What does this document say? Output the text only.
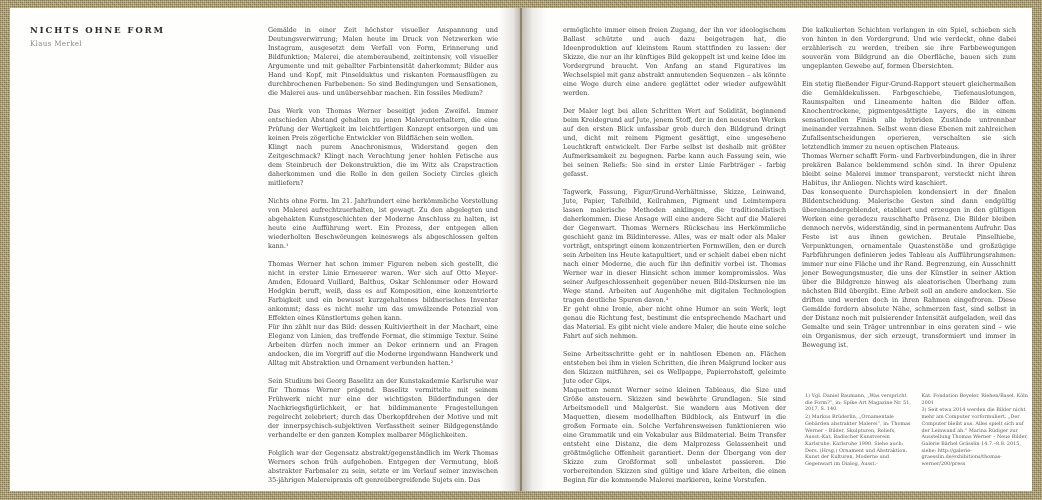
NICHTS OHNE FORM
Klaus Merkel

Gemälde in einer Zeit höchster visueller Anspannung und Deutungsverwirrung; Malen heute im Druck von Netzwerken wie Instagram, ausgesetzt dem Verfall von Form, Erinnerung und Bildfunktion; Malerei, die atemberaubend, zeitintensiv, voll visueller Argumente und mit geballter Farbintensität daherkommt; Bilder aus Hand und Kopf, mit Pinselduktus und riskanten Formausflügen zu durchbrochenen Farbebenen: So sind Bedingungen und Sensationen, die Malerei aus- und unübersehbar machen. Ein fossiles Medium?

Das Werk von Thomas Werner beseitigt jeden Zweifel. Immer entschieden Abstand gehalten zu jenen Malerunterhaltern, die eine Prüfung der Wertigkeit im leichtfertigen Konzept entsorgen und um keinen Preis zögerliche Entwickler von Bildflächen sein wollen.

Klingt nach purem Anachronismus, Widerstand gegen den Zeitgeschmack? Klingt nach Verachtung jener hohlen Fetische aus dem Steinbruch der Dekonstruktion, die im Witz als Crapstraction daherkommen und die Rolle in den geilen Society Circles gleich mitliefern?

Nichts ohne Form. Im 21. Jahrhundert eine herkömmliche Vorstellung von Malerei aufrechtzuerhalten, ist gewagt. Zu den abgelegten und abgehakten Kunstgeschichten der Moderne Anschluss zu halten, ist heute eine Aufführung wert. Ein Prozess, der entgegen allen wiederholten Beschwörungen keineswegs als abgeschlossen gelten kann.¹

Thomas Werner hat schon immer Figuren neben sich gestellt, die nicht in erster Linie Erneuerer waren. Wer sich auf Otto Meyer-Amden, Edouard Vuillard, Balthus, Oskar Schlemmer oder Howard Hodgkin beruft, weiß, dass es auf Komposition, eine konzentrierte Farbigkeit und ein bewusst kurzgehaltenes bildnerisches Inventar ankommt; dass es nicht mehr um das umwälzende Potenzial von Effekten eines Künstlertums gehen kann.

Für ihn zählt nur das Bild: dessen Kultiviertheit in der Machart, eine Eleganz von Linien, das treffende Format, die stimmige Textur. Seine Arbeiten dürfen noch immer an Dekor erinnern und an Fragen andocken, die im Vorgriff auf die Moderne irgendwann Handwerk und Alltag mit Abstraktion und Ornament verbunden hatten.²

Sein Studium bei Georg Baselitz an der Kunstakademie Karlsruhe war für Thomas Werner prägend. Baselitz vermittelte mit seinem Frühwerk nicht nur eine der wichtigsten Bilderfindungen der Nachkriegsfigürlichkeit, er hat bildimmanente Fragestellungen regelrecht zelebriert; durch das Überkopfdrehen der Motive und mit der innerpsychisch-subjektiven Verfasstheit seiner Bildgegenstände verhandelte er den ganzen Komplex malbarer Möglichkeiten.

Folglich war der Gegensatz abstrakt/gegenständlich im Werk Thomas Werners schon früh aufgehoben. Entgegen der Vermutung, bloß abstrakter Farbmaler zu sein, setzte er im Verlauf seiner inzwischen 35-jährigen Malereipraxis oft genreübergreifende Sujets ein. Das

ermöglichte immer einen freien Zugang, der ihn vor ideologischem Ballast schützte und auch dazu beigetragen hat, die Ideenproduktion auf kleinstem Raum stattfinden zu lassen: der Skizze, die nur an ihr künftiges Bild gekoppelt ist und keine Idee im Vordergrund braucht. Von Anfang an stand Figuratives im Wechselspiel mit ganz abstrakt anmutenden Sequenzen – als könnte eine Woge durch eine andere geglättet oder wieder aufgewühlt werden.

Der Maler legt bei allen Schritten Wert auf Solidität, beginnend beim Kreidegrund auf Jute, jenem Stoff, der in den neuesten Werken auf den ersten Blick unfassbar grob durch den Bildgrund dringt und, dicht mit reinem Pigment gesättigt, eine ungesehene Leuchtkraft entwickelt. Der Farbe selbst ist deshalb mit größter Aufmerksamkeit zu begegnen. Farbe kann auch Fassung sein, wie bei seinen Reliefs: Sie sind in erster Linie Farbträger – farbig gefasst.

Tagwerk, Fassung, Figur/Grund-Verhältnisse, Skizze, Leinwand, Jute, Papier, Tafelbild, Keilrahmen, Pigment und Leimtempera lassen malerische Methoden anklingen, die traditionalistisch daherkommen. Diese Ansage will eine andere Sicht auf die Malerei der Gegenwart. Thomas Werners Rückschau ins Herkömmliche geschieht ganz im Bildinteresse. Alles, was er malt oder als Maler vorträgt, entspringt einem konzentrierten Formwillen, den er durch sein Arbeiten ins Heute katapultiert, und er schielt dabei eben nicht nach einer Moderne, die auch für ihn definitiv vorbei ist. Thomas Werner war in dieser Hinsicht schon immer kompromisslos. Was seiner Aufgeschlossenheit gegenüber neuen Bild-Diskursen nie im Wege stand. Arbeiten auf Augenhöhe mit digitalen Technologien tragen deutliche Spuren davon.³

Er geht ohne Ironie, aber nicht ohne Humor an sein Werk, legt genau die Richtung fest, bestimmt die entsprechende Machart und das Material. Es gibt nicht viele andere Maler, die heute eine solche Fahrt auf sich nehmen.

Seine Arbeitsschritte geht er in nahtlosen Ebenen an. Flächen entstehen bei ihm in vielen Schritten, die ihren Malgrund locker aus den Skizzen mitführen, sei es Wellpappe, Papierrohstoff, geleimte Jute oder Gips.

Maquetten nennt Werner seine kleinen Tableaus, die Size und Größe ansteuern. Skizzen sind bewährte Grundlagen. Sie sind Arbeitsmodell und Malgerüst. Sie wandern aus Motiven der Maquetten, diesem modellhaften Bildblock, als Entwurf in die großen Formate ein. Solche Verfahrensweisen funktionieren wie eine Grammatik und ein Vokabular aus Bildmaterial. Beim Transfer entsteht eine Distanz, die dem Malprozess Gelassenheit und größtmögliche Offenheit garantiert. Denn der Übergang von der Skizze zum Großformat soll unbelastet passieren. Die vorbereitenden Skizzen sind gültige und klare Arbeiten, die einen Beginn für die kommende Malerei markieren, keine Vorstufen.

Die kalkulierten Schichten verlangen in ein Spiel, schieben sich von hinten in den Vordergrund. Und wie verdeckt, ohne dabei erzählerisch zu werden, treiben sie ihre Farbbewegungen souverän vom Bildgrund an die Oberfläche, bauen sich zum ungeplanten Gewebe auf, formen Übersichten.

Ein stetig fließender Figur-Grund-Rapport steuert gleichermaßen die Gemäldekulissen. Farbgeschiebe, Tiefenauslotungen, Raumspalten und Lineamente halten die Bilder offen. Knochentrockene, pigmentgesättigte Layers, die in einem sensationellen Finish alle hybriden Zustände untrennbar ineinander verzahnen. Selbst wenn diese Ebenen mit zahlreichen Zufallsentscheidungen operieren, verschalten sie sich letztendlich immer zu neuen optischen Plateaus.

Thomas Werner schafft Form- und Farbverbindungen, die in ihrer prekären Balance beklemmend schön sind. In ihrer Opulenz bleibt seine Malerei immer transparent, versteckt nicht ihren Habitus, ihr Anliegen. Nichts wird kaschiert.

Das konsequente Durchspielen kondensiert in der finalen Bildentscheidung. Malerische Gesten sind dann endgültig übereinandergeblendet, etabliert und erzeugen in den gültigen Werken eine geradezu rauschhafte Präsenz. Die Bilder bleiben dennoch nervös, widerständig, sind in permanentem Aufruhr. Das Feste ist aus ihnen gewichen. Brutale Pinselhiebe, Verpunktungen, ornamentale Quastenstöße und großzügige Farbführungen definieren jedes Tableau als Aufführungsrahmen: immer nur eine Fläche und ihr Rand. Begrenzung, ein Ausschnitt jener Bewegungsmuster, die uns der Künstler in seiner Aktion über die Bildgrenze hinweg als aleatorischen Überhang zum nächsten Bild übergibt. Eine Arbeit soll an andere andocken. Sie driften und werden doch in ihren Rahmen eingefroren. Diese Gemälde fordern absolute Nähe, schmerzen fast, sind selbst in der Distanz noch mit pulsierender Intensität aufgeladen, weil das Gemalte und sein Träger untrennbar in eins geraten sind – wie ein Organismus, der sich erzeugt, transformiert und immer in Bewegung ist.

1) Vgl. Daniel Baumann, „Was verspricht die Form?“, in: Spike Art Magazine Nr. 51, 2017, S. 140.

2) Markus Brüderlin, „Ornamentale Gebärden abstrakter Malerei“, in: Thomas Werner – Bilder, Skulpturen, Reliefs, Ausst.-Kat. Badischer Kunstverein Karlsruhe, Karlsruhe 1990. Siehe auch: Ders. (Hrsg.) Ornament und Abstraktion. Kunst der Kulturen, Moderne und Gegenwart im Dialog, Ausst.-

Kat. Fondation Beyeler, Riehen/Basel, Köln 2001

3) Seit etwa 2014 werden die Bilder nicht mehr am Computer vorformuliert. „Der Computer bleibt aus. Alles spielt sich auf der Leinwand ab.“ Marina Rüdiger zur Ausstellung Thomas Werner – Neue Bilder, Galerie Bärbel Grässlin 14.7.–8.8. 2015, siehe: http://galerie-graesslin.de/exhibitions/thomas-werner/200/press
